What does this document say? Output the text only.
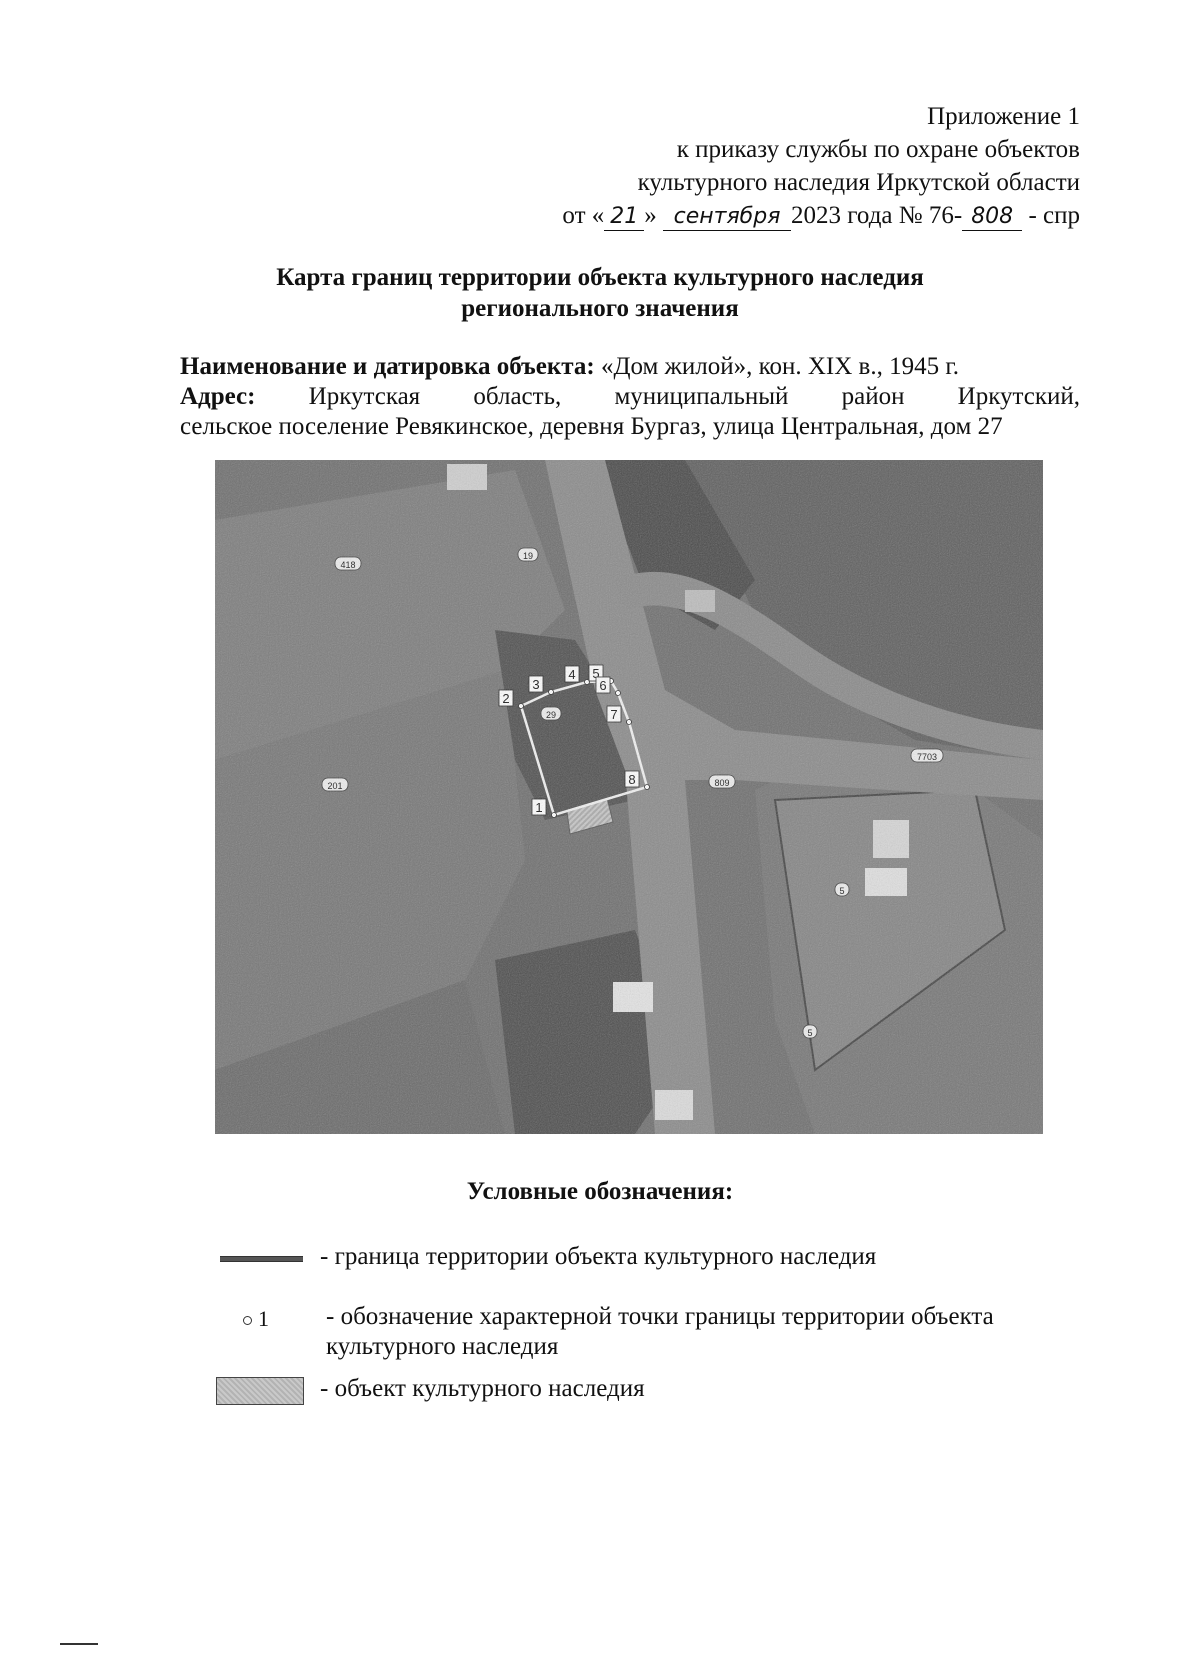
Приложение 1
к приказу службы по охране объектов
культурного наследия Иркутской области
от « 21 » сентября 2023 года № 76- 808 - спр
Карта границ территории объекта культурного наследия
регионального значения
Наименование и датировка объекта: «Дом жилой», кон. XIX в., 1945 г.
Адрес: Иркутская область, муниципальный район Иркутский,
сельское поселение Ревякинское, деревня Бургаз, улица Центральная, дом 27
Условные обозначения:
- граница территории объекта культурного наследия
1 - обозначение характерной точки границы территории объекта
культурного наследия
- объект культурного наследия
